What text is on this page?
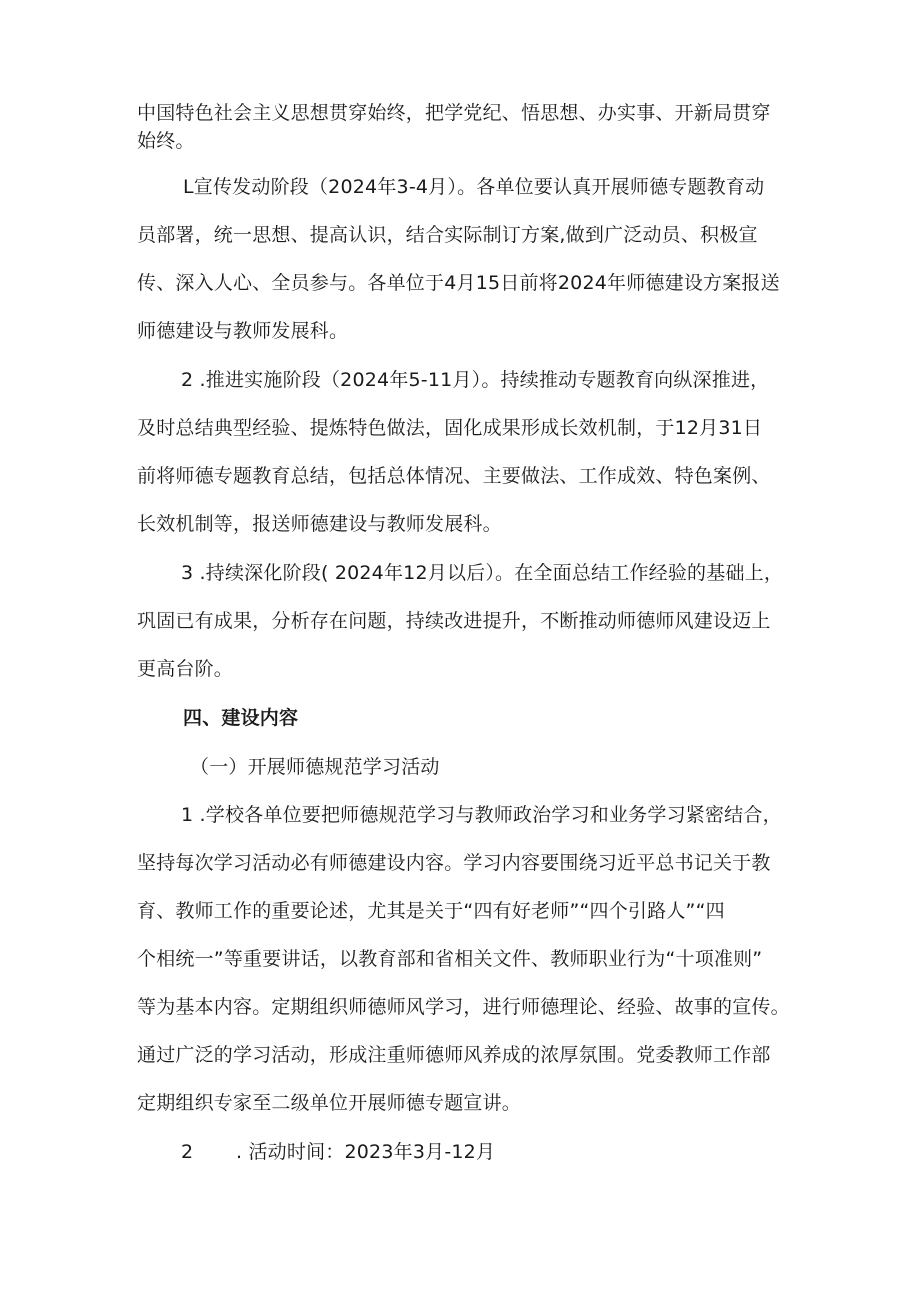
中国特色社会主义思想贯穿始终，把学党纪、悟思想、办实事、开新局贯穿
始终。
L宣传发动阶段（2024年3-4月）。各单位要认真开展师德专题教育动
员部署，统一思想、提高认识，结合实际制订方案,做到广泛动员、积极宣
传、深入人心、全员参与。各单位于4月15日前将2024年师德建设方案报送
师德建设与教师发展科。
2 .推进实施阶段（2024年5-11月）。持续推动专题教育向纵深推进，
及时总结典型经验、提炼特色做法，固化成果形成长效机制，于12月31日
前将师德专题教育总结，包括总体情况、主要做法、工作成效、特色案例、
长效机制等，报送师德建设与教师发展科。
3 .持续深化阶段( 2024年12月以后）。在全面总结工作经验的基础上，
巩固已有成果，分析存在问题，持续改进提升，不断推动师德师风建设迈上
更高台阶。
四、建设内容
（一）开展师德规范学习活动
1 .学校各单位要把师德规范学习与教师政治学习和业务学习紧密结合，
坚持每次学习活动必有师德建设内容。学习内容要围绕习近平总书记关于教
育、教师工作的重要论述，尤其是关于“四有好老师”“四个引路人”“四
个相统一”等重要讲话，以教育部和省相关文件、教师职业行为“十项准则”
等为基本内容。定期组织师德师风学习，进行师德理论、经验、故事的宣传。
通过广泛的学习活动，形成注重师德师风养成的浓厚氛围。党委教师工作部
定期组织专家至二级单位开展师德专题宣讲。
2 . 活动时间：2023年3月-12月
